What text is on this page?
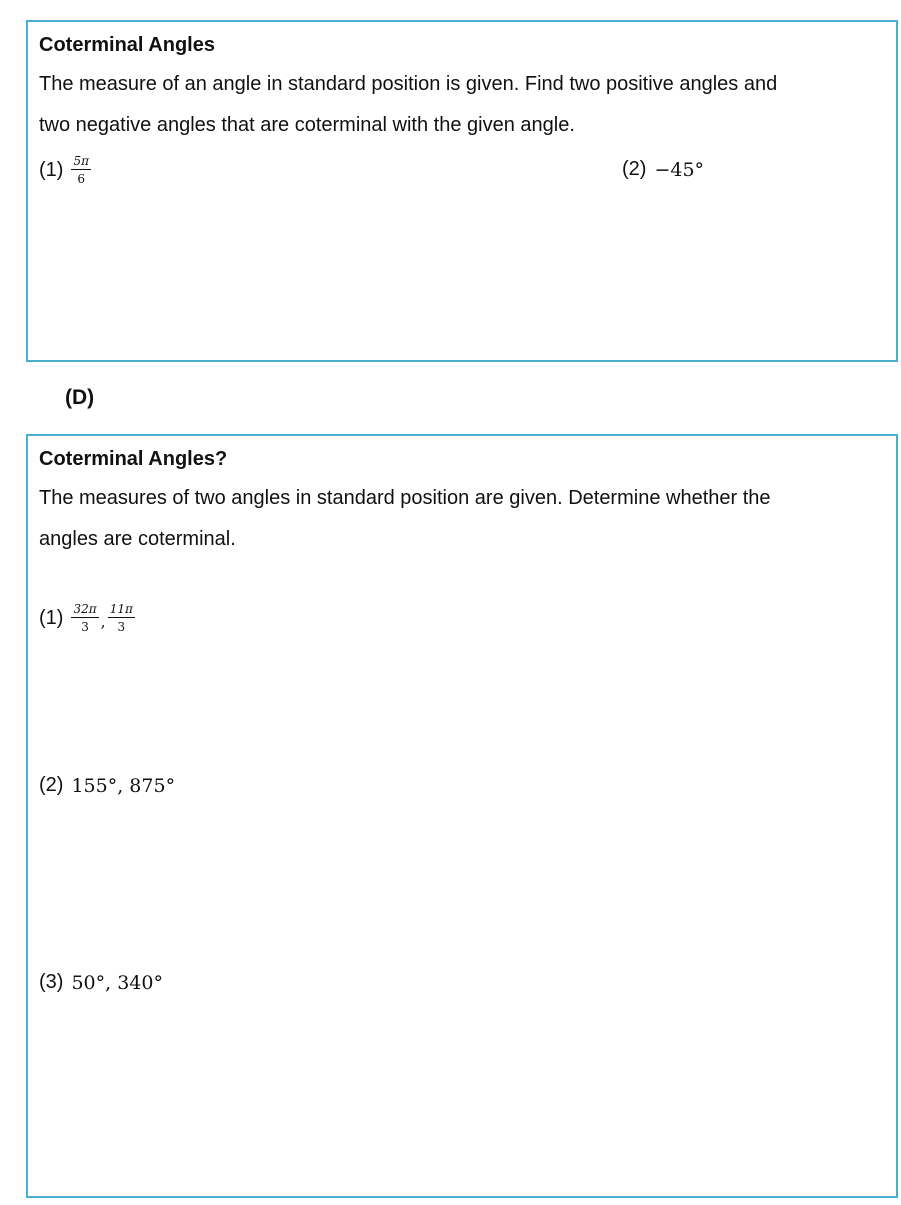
Coterminal Angles
The measure of an angle in standard position is given. Find two positive angles and
two negative angles that are coterminal with the given angle.
$(1) \frac{5\pi}{6}$	(2) −45°
(D)
Coterminal Angles?
The measures of two angles in standard position are given. Determine whether the
angles are coterminal.
$(1) \frac{32\pi}{3}$ , $\frac{11\pi}{3}$
(2) 155°, 875°
(3) 50°, 340°
